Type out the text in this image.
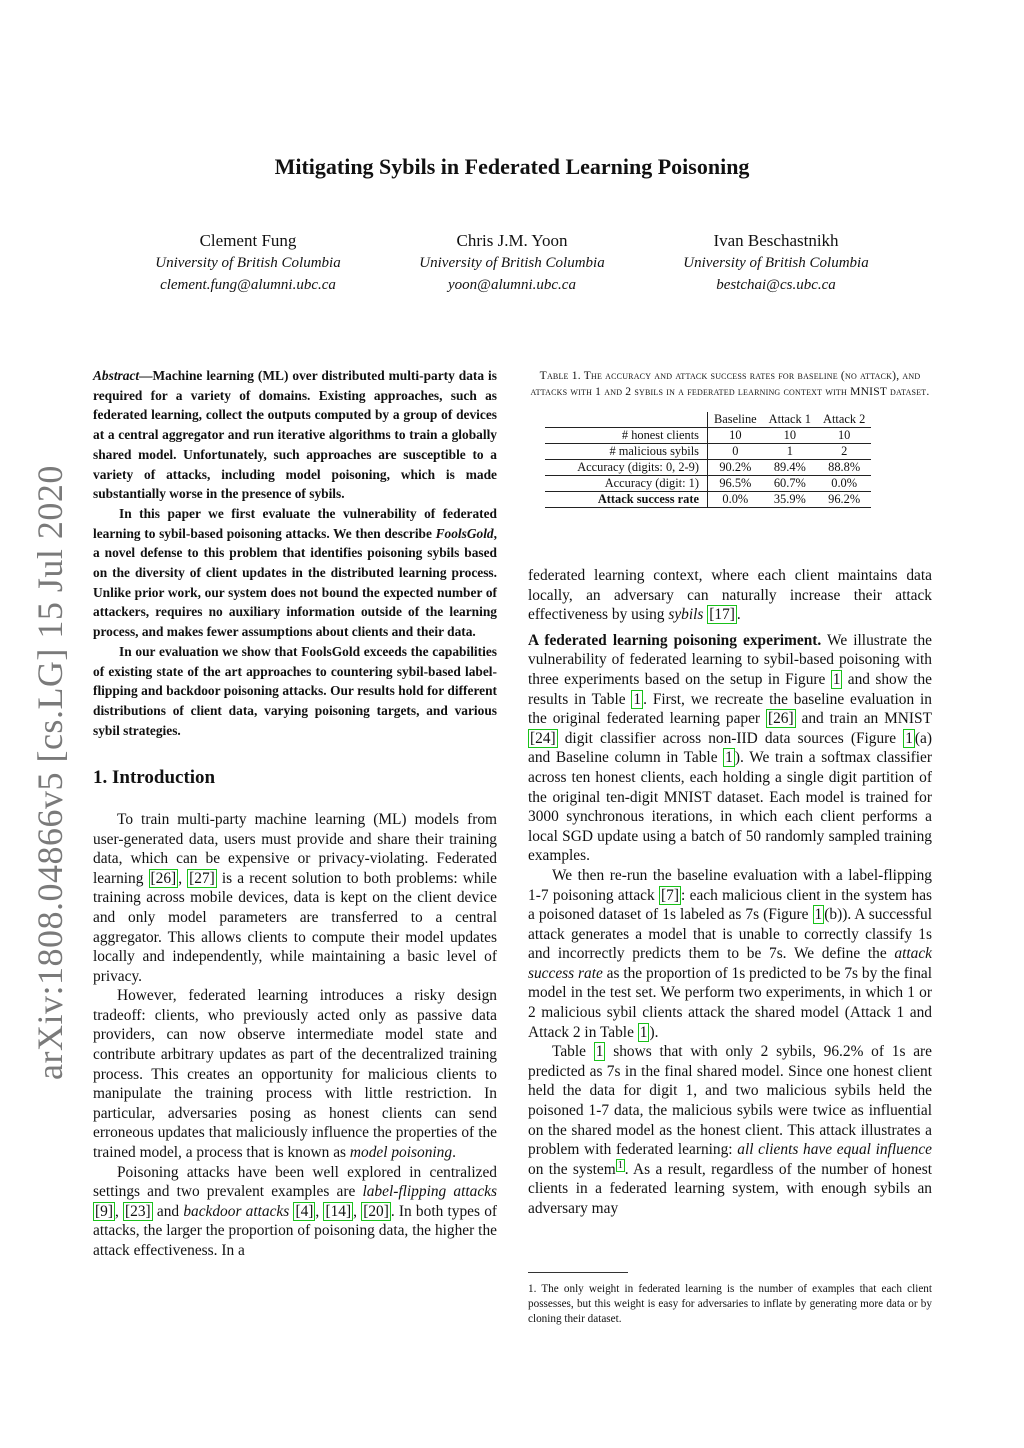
arXiv:1808.04866v5 [cs.LG] 15 Jul 2020
Mitigating Sybils in Federated Learning Poisoning
Clement Fung
University of British Columbia
clement.fung@alumni.ubc.ca
Chris J.M. Yoon
University of British Columbia
yoon@alumni.ubc.ca
Ivan Beschastnikh
University of British Columbia
bestchai@cs.ubc.ca

Abstract—Machine learning (ML) over distributed multi-party data is required for a variety of domains. Existing approaches, such as federated learning, collect the outputs computed by a group of devices at a central aggregator and run iterative algorithms to train a globally shared model. Unfortunately, such approaches are susceptible to a variety of attacks, including model poisoning, which is made substantially worse in the presence of sybils.

In this paper we first evaluate the vulnerability of federated learning to sybil-based poisoning attacks. We then describe FoolsGold, a novel defense to this problem that identifies poisoning sybils based on the diversity of client updates in the distributed learning process. Unlike prior work, our system does not bound the expected number of attackers, requires no auxiliary information outside of the learning process, and makes fewer assumptions about clients and their data.

In our evaluation we show that FoolsGold exceeds the capabilities of existing state of the art approaches to countering sybil-based label-flipping and backdoor poisoning attacks. Our results hold for different distributions of client data, varying poisoning targets, and various sybil strategies.

1. Introduction

To train multi-party machine learning (ML) models from user-generated data, users must provide and share their training data, which can be expensive or privacy-violating. Federated learning [26] , [27] is a recent solution to both problems: while training across mobile devices, data is kept on the client device and only model parameters are transferred to a central aggregator. This allows clients to compute their model updates locally and independently, while maintaining a basic level of privacy.

However, federated learning introduces a risky design tradeoff: clients, who previously acted only as passive data providers, can now observe intermediate model state and contribute arbitrary updates as part of the decentralized training process. This creates an opportunity for malicious clients to manipulate the training process with little restriction. In particular, adversaries posing as honest clients can send erroneous updates that maliciously influence the properties of the trained model, a process that is known as model poisoning.

Poisoning attacks have been well explored in centralized settings and two prevalent examples are label-flipping attacks [9] , [23] and backdoor attacks [4] , [14] , [20] . In both types of attacks, the larger the proportion of poisoning data, the higher the attack effectiveness. In a

Table 1. The accuracy and attack success rates for baseline (no attack), and attacks with 1 and 2 sybils in a federated learning context with MNIST dataset.
	Baseline	Attack 1	Attack 2
# honest clients	10	10	10
# malicious sybils	0	1	2
Accuracy (digits: 0, 2-9)	90.2%	89.4%	88.8%
Accuracy (digit: 1)	96.5%	60.7%	0.0%
Attack success rate	0.0%	35.9%	96.2%

federated learning context, where each client maintains data locally, an adversary can naturally increase their attack effectiveness by using sybils [17] .

A federated learning poisoning experiment. We illustrate the vulnerability of federated learning to sybil-based poisoning with three experiments based on the setup in Figure 1 and show the results in Table 1 . First, we recreate the baseline evaluation in the original federated learning paper [26] and train an MNIST [24] digit classifier across non-IID data sources (Figure 1 (a) and Baseline column in Table 1 ). We train a softmax classifier across ten honest clients, each holding a single digit partition of the original ten-digit MNIST dataset. Each model is trained for 3000 synchronous iterations, in which each client performs a local SGD update using a batch of 50 randomly sampled training examples.

We then re-run the baseline evaluation with a label-flipping 1-7 poisoning attack [7] : each malicious client in the system has a poisoned dataset of 1s labeled as 7s (Figure 1 (b)). A successful attack generates a model that is unable to correctly classify 1s and incorrectly predicts them to be 7s. We define the attack success rate as the proportion of 1s predicted to be 7s by the final model in the test set. We perform two experiments, in which 1 or 2 malicious sybil clients attack the shared model (Attack 1 and Attack 2 in Table 1 ).

Table 1 shows that with only 2 sybils, 96.2% of 1s are predicted as 7s in the final shared model. Since one honest client held the data for digit 1, and two malicious sybils held the poisoned 1-7 data, the malicious sybils were twice as influential on the shared model as the honest client. This attack illustrates a problem with federated learning: all clients have equal influence on the system $^1$ . As a result, regardless of the number of honest clients in a federated learning system, with enough sybils an adversary may

1. The only weight in federated learning is the number of examples that each client possesses, but this weight is easy for adversaries to inflate by generating more data or by cloning their dataset.
